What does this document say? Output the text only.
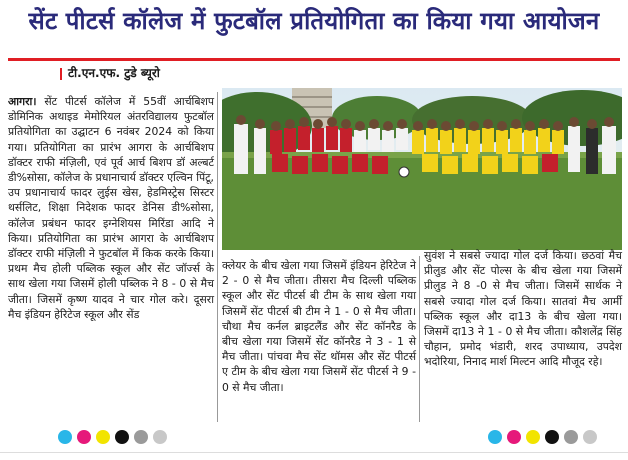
सेंट पीटर्स कॉलेज में फुटबॉल प्रतियोगिता का किया गया आयोजन
टी.एन.एफ. टुडे ब्यूरो
आगरा। सेंट पीटर्स कॉलेज में 55वीं आर्चबिशप डोमिनिक अथाइड मेमोरियल अंतरविद्यालय फुटबॉल प्रतियोगिता का उद्घाटन 6 नवंबर 2024 को किया गया। प्रतियोगिता का प्रारंभ आगरा के आर्चबिशप डॉक्टर राफी मंज़िली, एवं पूर्व आर्च बिशप डॉ अल्बर्ट डी%सोसा, कॉलेज के प्रधानाचार्य डॉक्टर एल्विन पिंटू, उप प्रधानाचार्य फादर लुईस खेस, हेडमिस्ट्रेस सिस्टर थर्सलिट, शिक्षा निदेशक फादर डेनिस डी%सोसा, कॉलेज प्रबंधन फादर इग्नेशियस मिरिंडा आदि ने किया। प्रतियोगिता का प्रारंभ आगरा के आर्चबिशप डॉक्टर राफी मंज़िली ने फुटबॉल में किक करके किया। प्रथम मैच होली पब्लिक स्कूल और सेंट जॉर्ज्स के साथ खेला गया जिसमें होली पब्लिक ने 8 - 0 से मैच जीता। जिसमें कृष्ण यादव ने चार गोल करे। दूसरा मैच इंडियन हेरिटेज स्कूल और सेंड
क्लेयर के बीच खेला गया जिसमें इंडियन हेरिटेज ने 2 - 0 से मैच जीता। तीसरा मैच दिल्ली पब्लिक स्कूल और सेंट पीटर्स बी टीम के साथ खेला गया जिसमें सेंट पीटर्स बी टीम ने 1 - 0 से मैच जीता। चौथा मैच कर्नल ब्राइटलैंड और सेंट कॉनरैड के बीच खेला गया जिसमें सेंट कॉनरैड ने 3 - 1 से मैच जीता। पांचवा मैच सेंट थॉमस और सेंट पीटर्स ए टीम के बीच खेला गया जिसमें सेंट पीटर्स ने 9 - 0 से मैच जीता।
सुवंश ने सबसे ज्यादा गोल दर्ज किया। छठवां मैच प्रीलुड और सेंट पोल्स के बीच खेला गया जिसमें प्रीलुड ने 8 -0 से मैच जीता। जिसमें सार्थक ने सबसे ज्यादा गोल दर्ज किया। सातवां मैच आर्मी पब्लिक स्कूल और दा13 के बीच खेला गया। जिसमें दा13 ने 1 - 0 से मैच जीता। कौशलेंद्र सिंह चौहान, प्रमोद भंडारी, शरद उपाध्याय, उपदेश भदोरिया, निनाद मार्श मिल्टन आदि मौजूद रहे।
